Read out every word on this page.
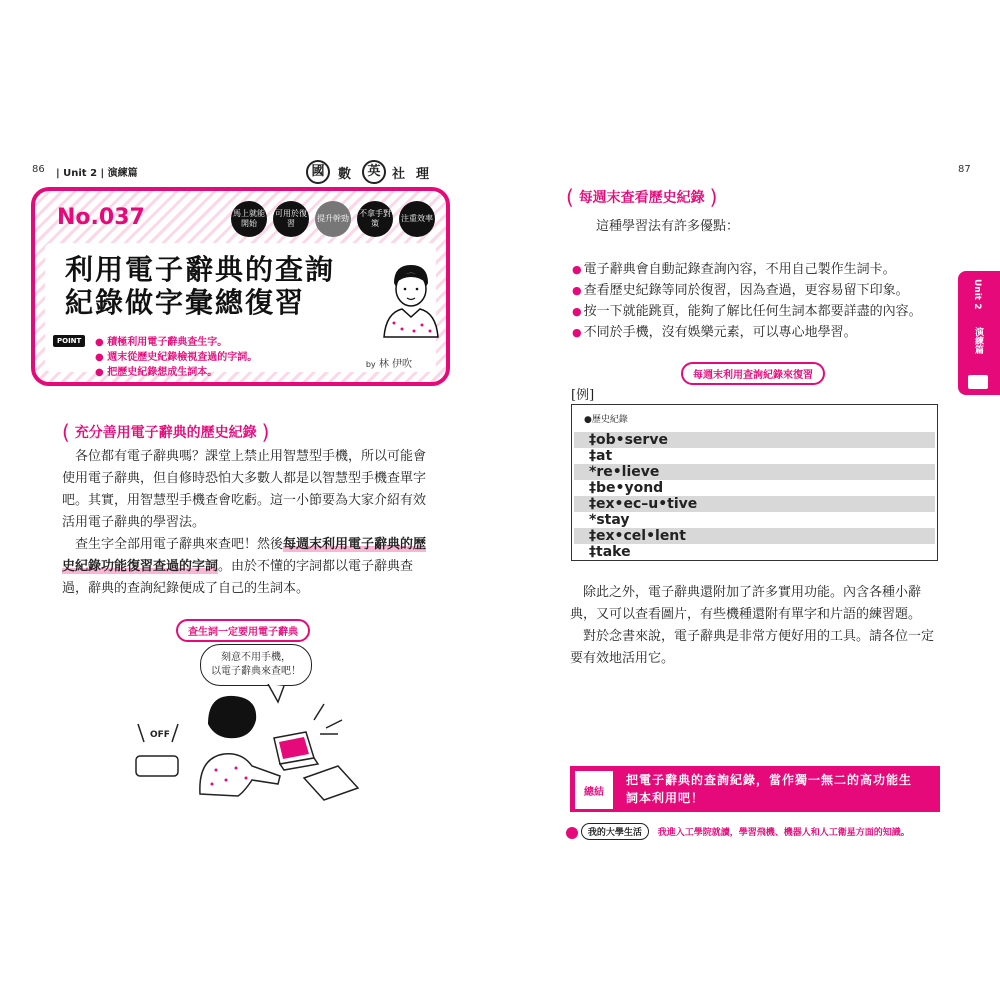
86 | Unit 2 | 演練篇	國	數	英 社 理
No.037	馬上就能開始
可用於復習
提升幹勁
不拿手對策
注重效率
利用電子辭典的查詢
紀錄做字彙總復習
POINT
●	積極利用電子辭典查生字。
● 週末從歷史紀錄檢視查過的字詞。
● 把歷史紀錄想成生詞本。
by 林 伊吹
( 充分善用電子辭典的歷史紀錄 )
　各位都有電子辭典嗎？課堂上禁止用智慧型手機，所以可能會使用電子辭典，但自修時恐怕大多數人都是以智慧型手機查單字吧。其實，用智慧型手機查會吃虧。這一小節要為大家介紹有效活用電子辭典的學習法。
　查生字全部用電子辭典來查吧！然後每週末利用電子辭典的歷史紀錄功能復習查過的字詞。由於不懂的字詞都以電子辭典查過，辭典的查詢紀錄便成了自己的生詞本。
查生詞一定要用電子辭典
刻意不用手機，
以電子辭典來查吧！
OFF
87
( 每週末查看歷史紀錄 )
這種學習法有許多優點：
● 電子辭典會自動記錄查詢內容，不用自己製作生詞卡。
● 查看歷史紀錄等同於復習，因為查過，更容易留下印象。
● 按一下就能跳頁，能夠了解比任何生詞本都要詳盡的內容。
● 不同於手機，沒有娛樂元素，可以專心地學習。
每週末利用查詢紀錄來復習
[例]
●歷史紀錄
‡ob•serve
‡at
*re•lieve
‡be•yond
‡ex•ec–u•tive
*stay
‡ex•cel•lent
‡take
　除此之外，電子辭典還附加了許多實用功能。內含各種小辭典，又可以查看圖片，有些機種還附有單字和片語的練習題。
　對於念書來說，電子辭典是非常方便好用的工具。請各位一定要有效地活用它。
總結
把電子辭典的查詢紀錄，當作獨一無二的高功能生
詞本利用吧！
我的大學生活 我進入工學院就讀，學習飛機、機器人和人工衛星方面的知識。
Unit 2
演練篇
